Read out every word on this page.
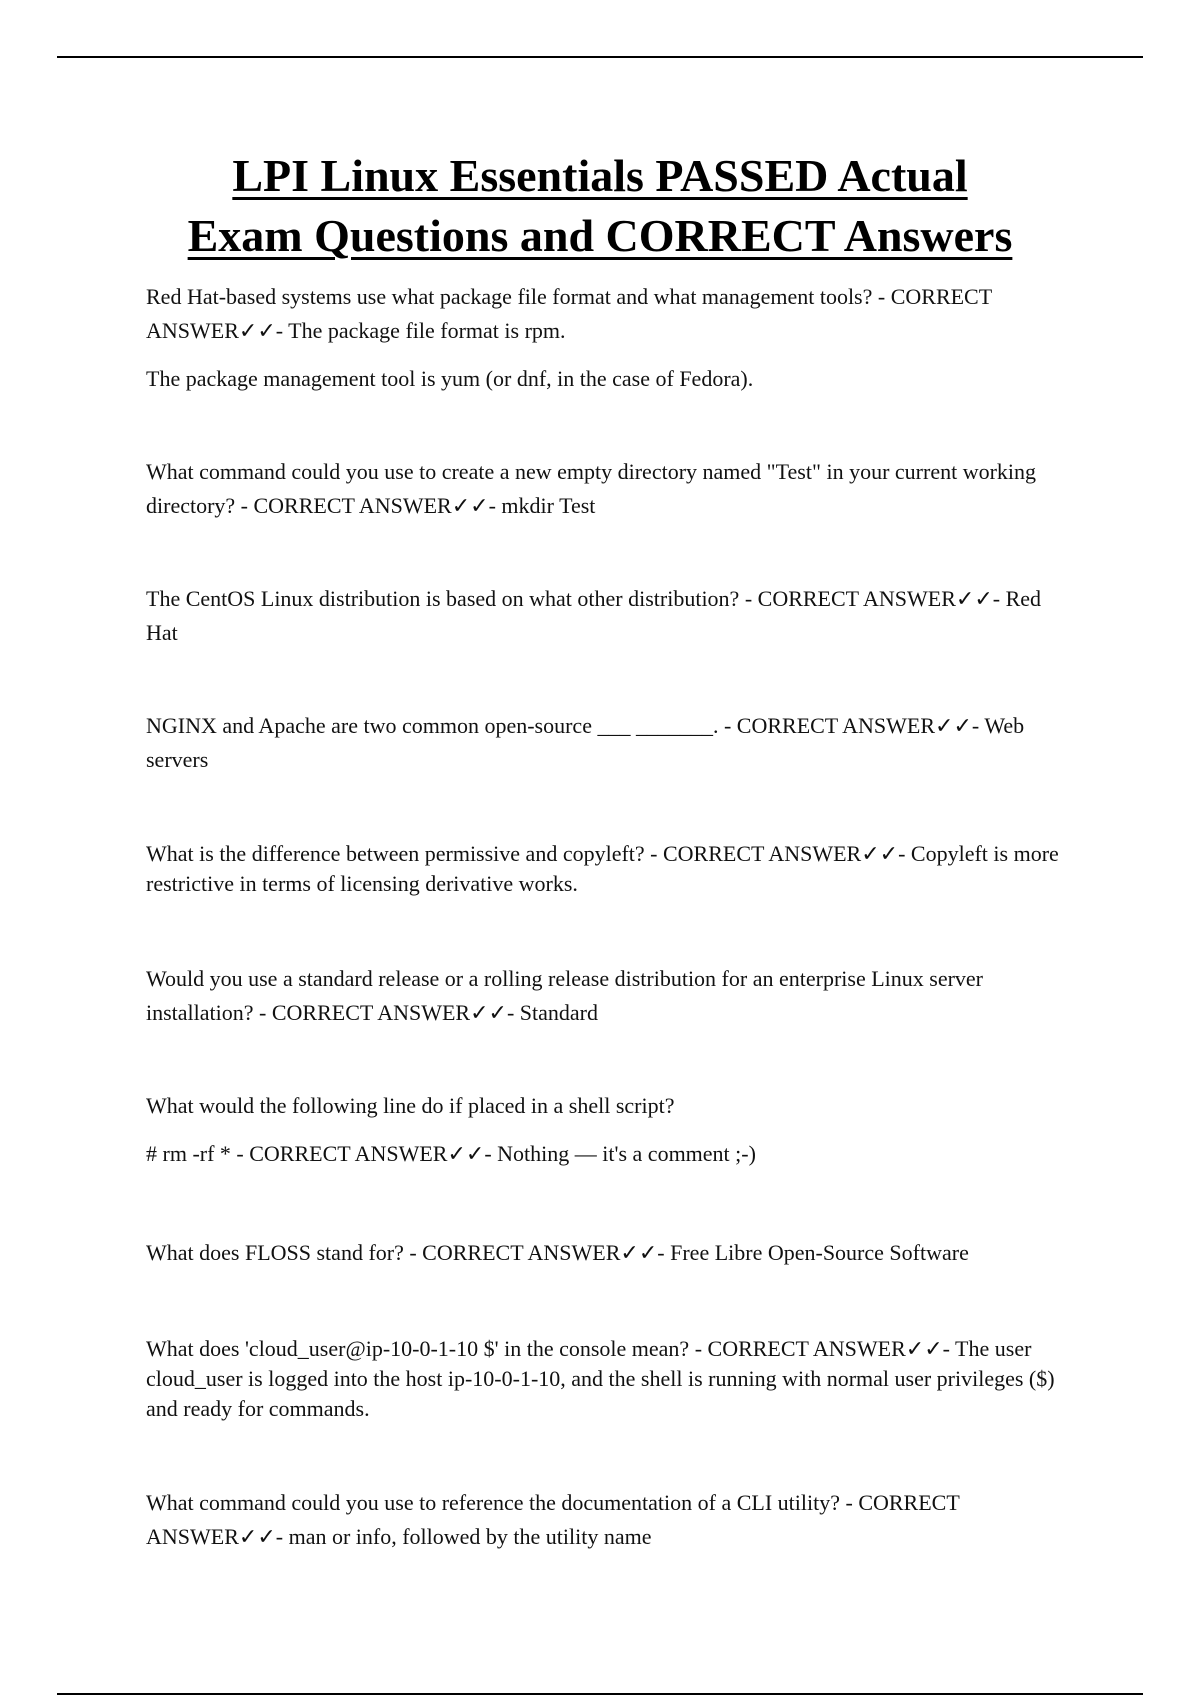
LPI Linux Essentials PASSED Actual
Exam Questions and CORRECT Answers

Red Hat-based systems use what package file format and what management tools? - CORRECT ANSWER✓✓- The package file format is rpm.

The package management tool is yum (or dnf, in the case of Fedora).

What command could you use to create a new empty directory named "Test" in your current working directory? - CORRECT ANSWER✓✓- mkdir Test

The CentOS Linux distribution is based on what other distribution? - CORRECT ANSWER✓✓- Red Hat

NGINX and Apache are two common open-source ___ _______. - CORRECT ANSWER✓✓- Web servers

What is the difference between permissive and copyleft? - CORRECT ANSWER✓✓- Copyleft is more restrictive in terms of licensing derivative works.

Would you use a standard release or a rolling release distribution for an enterprise Linux server installation? - CORRECT ANSWER✓✓- Standard

What would the following line do if placed in a shell script?

# rm -rf * - CORRECT ANSWER✓✓- Nothing — it's a comment ;-)

What does FLOSS stand for? - CORRECT ANSWER✓✓- Free Libre Open-Source Software

What does 'cloud_user@ip-10-0-1-10 $' in the console mean? - CORRECT ANSWER✓✓- The user cloud_user is logged into the host ip-10-0-1-10, and the shell is running with normal user privileges ($) and ready for commands.

What command could you use to reference the documentation of a CLI utility? - CORRECT ANSWER✓✓- man or info, followed by the utility name
